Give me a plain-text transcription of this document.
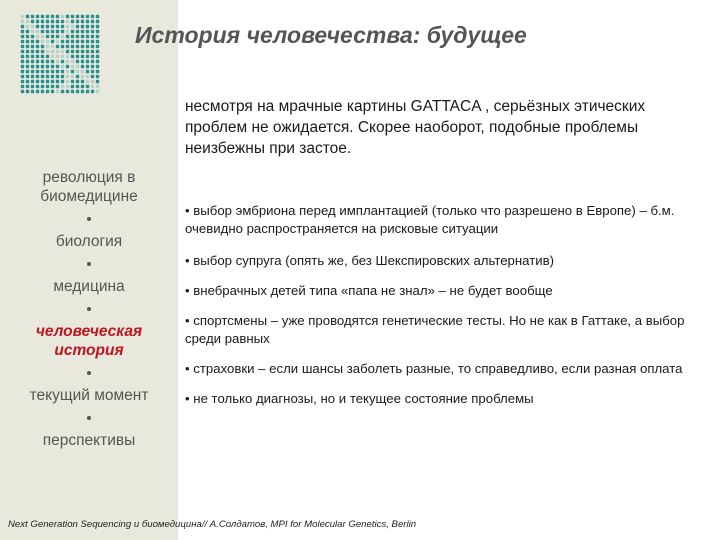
История человечества: будущее
несмотря на мрачные картины GATTACA , серьёзных этических проблем не ожидается. Скорее наоборот, подобные проблемы неизбежны при застое.
революция в биомедицине
биология
медицина
человеческая история
текущий момент
перспективы

• выбор эмбриона перед имплантацией (только что разрешено в Европе) – б.м. очевидно распространяется на рисковые ситуации

• выбор супруга (опять же, без Шекспировских альтернатив)

• внебрачных детей типа «папа не знал» – не будет вообще

• спортсмены – уже проводятся генетические тесты. Но не как в Гаттаке, а выбор среди равных

• страховки – если шансы заболеть разные, то справедливо, если разная оплата

• не только диагнозы, но и текущее состояние проблемы

Next Generation Sequencing и биомедицина// А.Солдатов, MPI for Molecular Genetics, Berlin
